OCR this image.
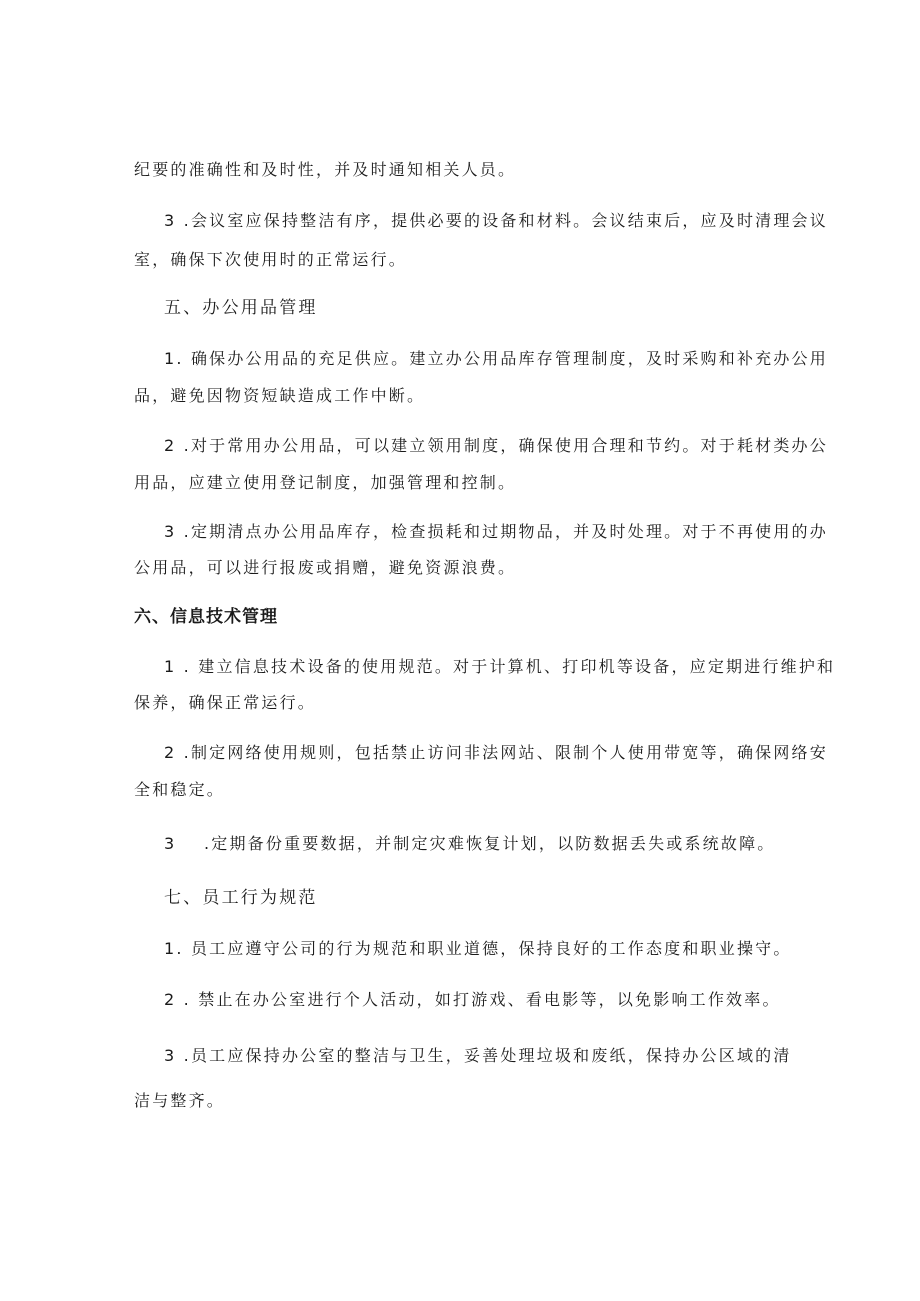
纪要的准确性和及时性，并及时通知相关人员。
3 .会议室应保持整洁有序，提供必要的设备和材料。会议结束后，应及时清理会议
室，确保下次使用时的正常运行。
五、办公用品管理
1. 确保办公用品的充足供应。建立办公用品库存管理制度，及时采购和补充办公用
品，避免因物资短缺造成工作中断。
2 .对于常用办公用品，可以建立领用制度，确保使用合理和节约。对于耗材类办公
用品，应建立使用登记制度，加强管理和控制。
3 .定期清点办公用品库存，检查损耗和过期物品，并及时处理。对于不再使用的办
公用品，可以进行报废或捐赠，避免资源浪费。
六、信息技术管理
1 . 建立信息技术设备的使用规范。对于计算机、打印机等设备，应定期进行维护和
保养，确保正常运行。
2 .制定网络使用规则，包括禁止访问非法网站、限制个人使用带宽等，确保网络安
全和稳定。
3 .定期备份重要数据，并制定灾难恢复计划，以防数据丢失或系统故障。
七、员工行为规范
1. 员工应遵守公司的行为规范和职业道德，保持良好的工作态度和职业操守。
2 . 禁止在办公室进行个人活动，如打游戏、看电影等，以免影响工作效率。
3 .员工应保持办公室的整洁与卫生，妥善处理垃圾和废纸，保持办公区域的清
洁与整齐。
